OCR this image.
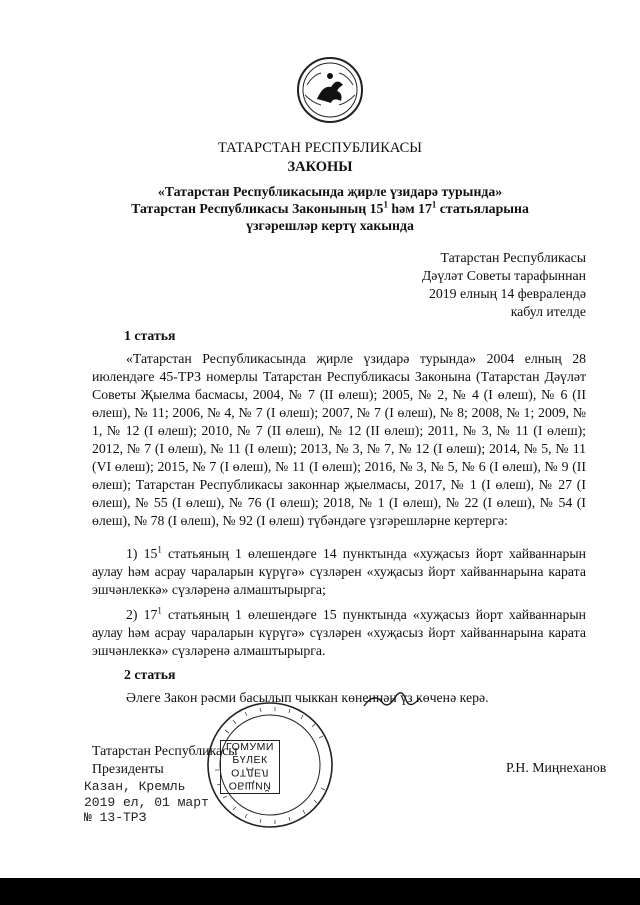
ТАТАРСТАН РЕСПУБЛИКАСЫ
ЗАКОНЫ
«Татарстан Республикасында җирле үзидарә турында»
Татарстан Республикасы Законының $15^1$ һәм $17^1$ статьяларына
үзгәрешләр кертү хакында
Татарстан Республикасы
Дәүләт Советы тарафыннан
2019 елның 14 февралендә
кабул ителде
1 статья

«Татарстан Республикасында җирле үзидарә турында» 2004 елның 28 июлендәге 45-ТРЗ номерлы Татарстан Республикасы Законына (Татарстан Дәүләт Советы Җыелма басмасы, 2004, № 7 (II өлеш); 2005, № 2, № 4 (I өлеш), № 6 (II өлеш), № 11; 2006, № 4, № 7 (I өлеш); 2007, № 7 (I өлеш), № 8; 2008, № 1; 2009, № 1, № 12 (I өлеш); 2010, № 7 (II өлеш), № 12 (II өлеш); 2011, № 3, № 11 (I өлеш); 2012, № 7 (I өлеш), № 11 (I өлеш); 2013, № 3, № 7, № 12 (I өлеш); 2014, № 5, № 11 (VI өлеш); 2015, № 7 (I өлеш), № 11 (I өлеш); 2016, № 3, № 5, № 6 (I өлеш), № 9 (II өлеш); Татарстан Республикасы законнар җыелмасы, 2017, № 1 (I өлеш), № 27 (I өлеш), № 55 (I өлеш), № 76 (I өлеш); 2018, № 1 (I өлеш), № 22 (I өлеш), № 54 (I өлеш), № 78 (I өлеш), № 92 (I өлеш) түбәндәге үзгәрешләрне кертергә:

1) $15^1$ статьяның 1 өлешендәге 14 пунктында «хуҗасыз йорт хайваннарын аулау һәм асрау чараларын күрүгә» сүзләрен «хуҗасыз йорт хайваннарына карата эшчәнлеккә» сүзләренә алмаштырырга;

2) $17^1$ статьяның 1 өлешендәге 15 пунктында «хуҗасыз йорт хайваннарын аулау һәм асрау чараларын күрүгә» сүзләрен «хуҗасыз йорт хайваннарына карата эшчәнлеккә» сүзләренә алмаштырырга.

2 статья

Әлеге Закон рәсми басылып чыккан көненнән үз көченә керә.

ГОМУМИ
БҮЛЕК
ОТДЕЛ
ОБЩИЙ
Татарстан Республикасы
Президенты	Р.Н. Миңнеханов
Казан, Кремль
2019 ел, 01 март
№ 13-ТРЗ
